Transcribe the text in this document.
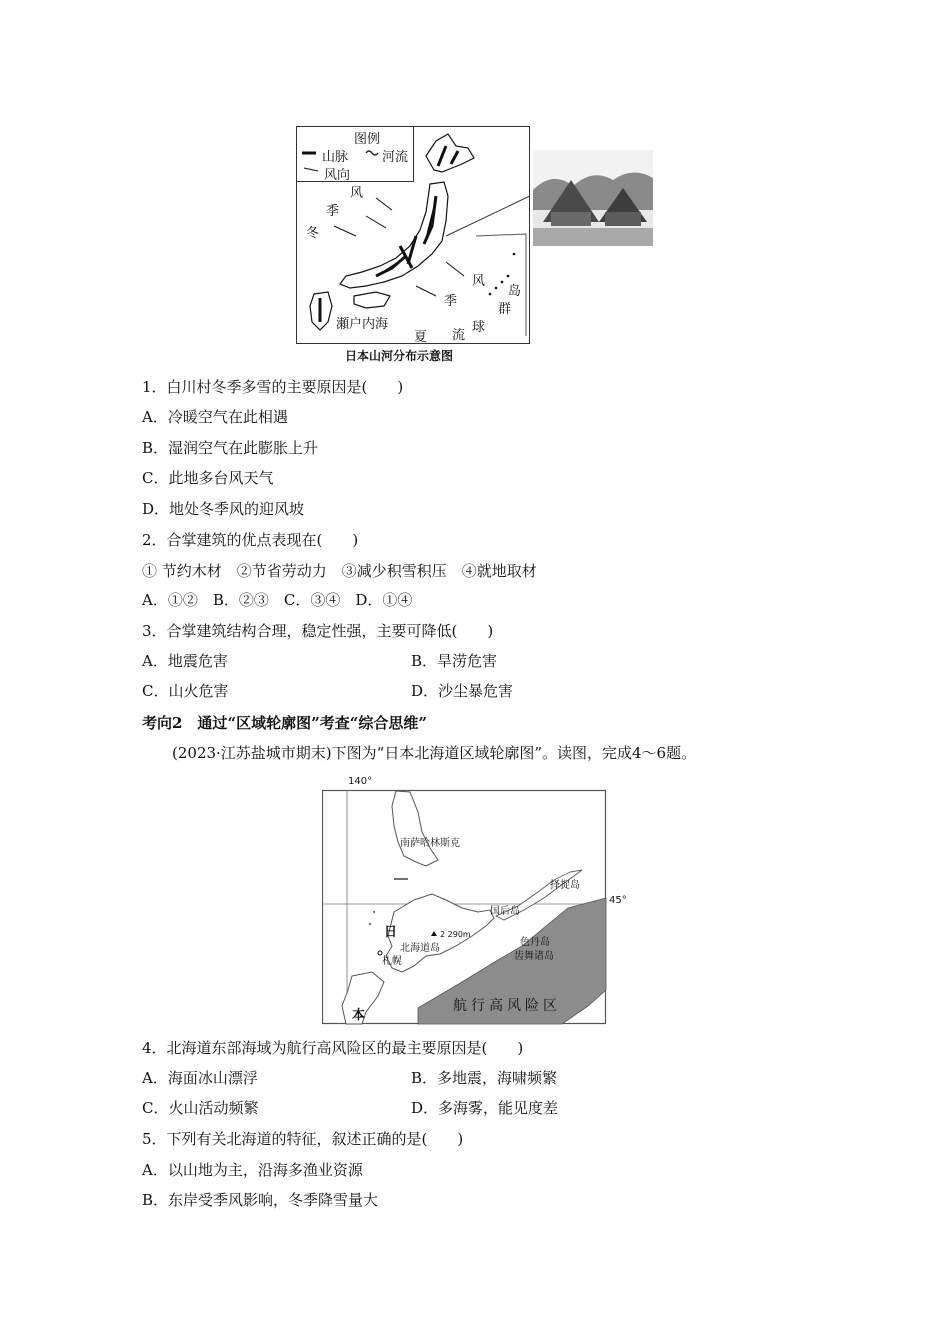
图例
山脉	河流
风向
冬
季
风
夏
季
风
瀬户内海
流
球
群
岛
日本山河分布示意图
1．白川村冬季多雪的主要原因是(　　)
A．冷暖空气在此相遇
B．湿润空气在此膨胀上升
C．此地多台风天气
D．地处冬季风的迎风坡
2．合掌建筑的优点表现在(　　)
① 节约木材　②节省劳动力　③减少积雪积压　④就地取材
A．①②　B．②③　C．③④　D．①④
3．合掌建筑结构合理，稳定性强，主要可降低(　　)
A．地震危害	B．旱涝危害
C．山火危害	D．沙尘暴危害
考向2　通过“区域轮廓图”考查“综合思维”
(2023·江苏盐城市期末)下图为“日本北海道区域轮廓图”。读图，完成4～6题。
140°
45°
南萨哈林斯克
择捉岛
国后岛
色丹岛
齿舞诸岛
北海道岛
札幌
2 290m
日
本
航行高风险区
4．北海道东部海域为航行高风险区的最主要原因是(　　)
A．海面冰山漂浮	B．多地震，海啸频繁
C．火山活动频繁	D．多海雾，能见度差
5．下列有关北海道的特征，叙述正确的是(　　)
A．以山地为主，沿海多渔业资源
B．东岸受季风影响，冬季降雪量大
